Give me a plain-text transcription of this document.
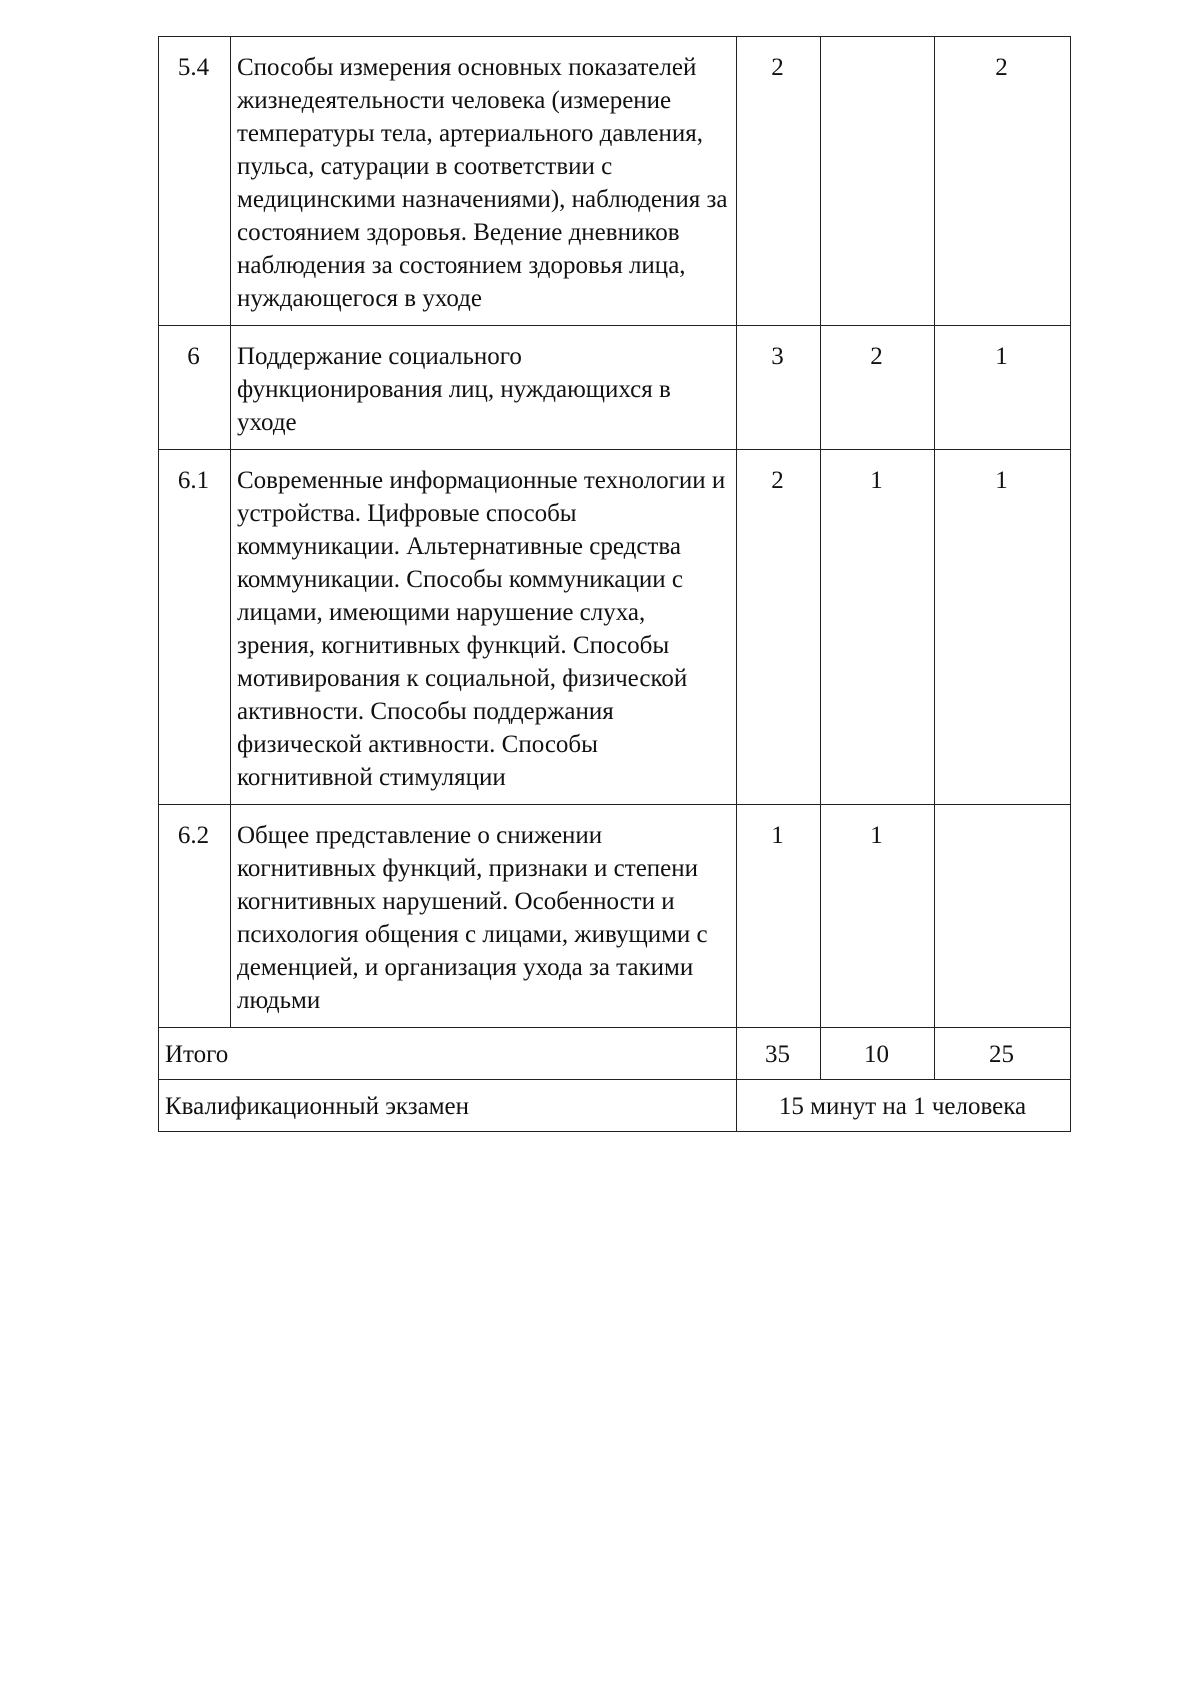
5.4	Способы измерения основных показателей жизнедеятельности человека (измерение температуры тела, артериального давления, пульса, сатурации в соответствии с медицинскими назначениями), наблюдения за состоянием здоровья. Ведение дневников наблюдения за состоянием здоровья лица, нуждающегося в уходе	2		2
6	Поддержание социального функционирования лиц, нуждающихся в уходе	3	2	1
6.1	Современные информационные технологии и устройства. Цифровые способы коммуникации. Альтернативные средства коммуникации. Способы коммуникации с лицами, имеющими нарушение слуха, зрения, когнитивных функций. Способы мотивирования к социальной, физической активности. Способы поддержания физической активности. Способы когнитивной стимуляции	2	1	1
6.2	Общее представление о снижении когнитивных функций, признаки и степени когнитивных нарушений. Особенности и психология общения с лицами, живущими с деменцией, и организация ухода за такими людьми	1	1	
Итого		35	10	25
Квалификационный экзамен		15 минут на 1 человека		
